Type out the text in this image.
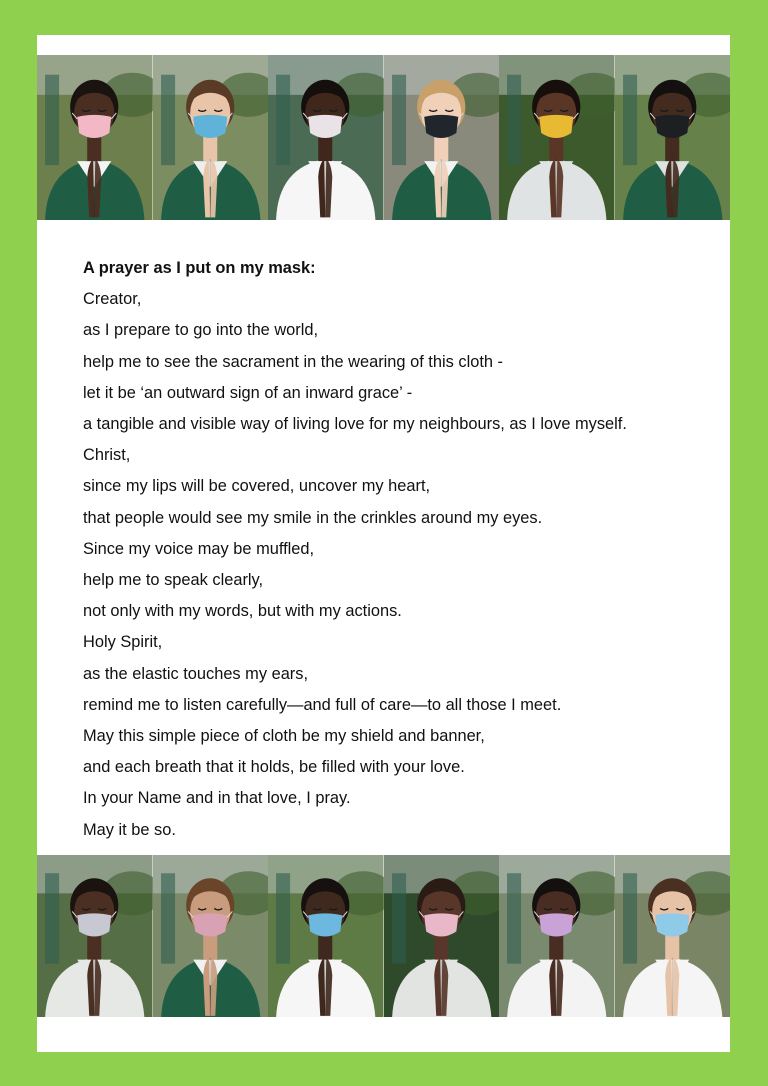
A prayer as I put on my mask:
Creator,
as I prepare to go into the world,
help me to see the sacrament in the wearing of this cloth -
let it be ‘an outward sign of an inward grace’ -
a tangible and visible way of living love for my neighbours, as I love myself.
Christ,
since my lips will be covered, uncover my heart,
that people would see my smile in the crinkles around my eyes.
Since my voice may be muffled,
help me to speak clearly,
not only with my words, but with my actions.
Holy Spirit,
as the elastic touches my ears,
remind me to listen carefully—and full of care—to all those I meet.
May this simple piece of cloth be my shield and banner,
and each breath that it holds, be filled with your love.
In your Name and in that love, I pray.
May it be so.
